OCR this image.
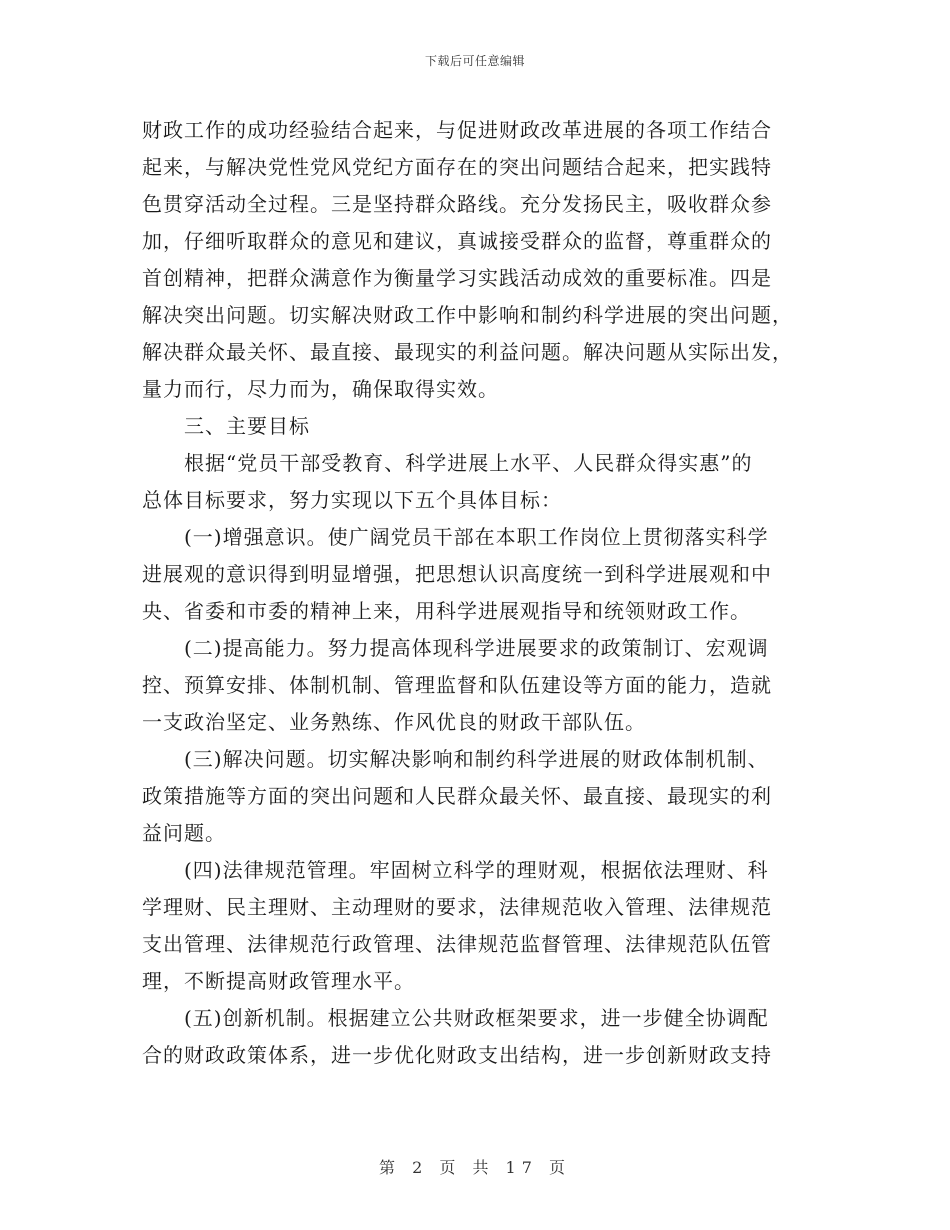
下载后可任意编辑
财政工作的成功经验结合起来，与促进财政改革进展的各项工作结合
起来，与解决党性党风党纪方面存在的突出问题结合起来，把实践特
色贯穿活动全过程。三是坚持群众路线。充分发扬民主，吸收群众参
加，仔细听取群众的意见和建议，真诚接受群众的监督，尊重群众的
首创精神，把群众满意作为衡量学习实践活动成效的重要标准。四是
解决突出问题。切实解决财政工作中影响和制约科学进展的突出问题，
解决群众最关怀、最直接、最现实的利益问题。解决问题从实际出发，
量力而行，尽力而为，确保取得实效。
　　三、主要目标
　　根据“党员干部受教育、科学进展上水平、人民群众得实惠”的
总体目标要求，努力实现以下五个具体目标：
　　(一)增强意识。使广阔党员干部在本职工作岗位上贯彻落实科学
进展观的意识得到明显增强，把思想认识高度统一到科学进展观和中
央、省委和市委的精神上来，用科学进展观指导和统领财政工作。
　　(二)提高能力。努力提高体现科学进展要求的政策制订、宏观调
控、预算安排、体制机制、管理监督和队伍建设等方面的能力，造就
一支政治坚定、业务熟练、作风优良的财政干部队伍。
　　(三)解决问题。切实解决影响和制约科学进展的财政体制机制、
政策措施等方面的突出问题和人民群众最关怀、最直接、最现实的利
益问题。
　　(四)法律规范管理。牢固树立科学的理财观，根据依法理财、科
学理财、民主理财、主动理财的要求，法律规范收入管理、法律规范
支出管理、法律规范行政管理、法律规范监督管理、法律规范队伍管
理，不断提高财政管理水平。
　　(五)创新机制。根据建立公共财政框架要求，进一步健全协调配
合的财政政策体系，进一步优化财政支出结构，进一步创新财政支持
第 2 页 共 17 页
